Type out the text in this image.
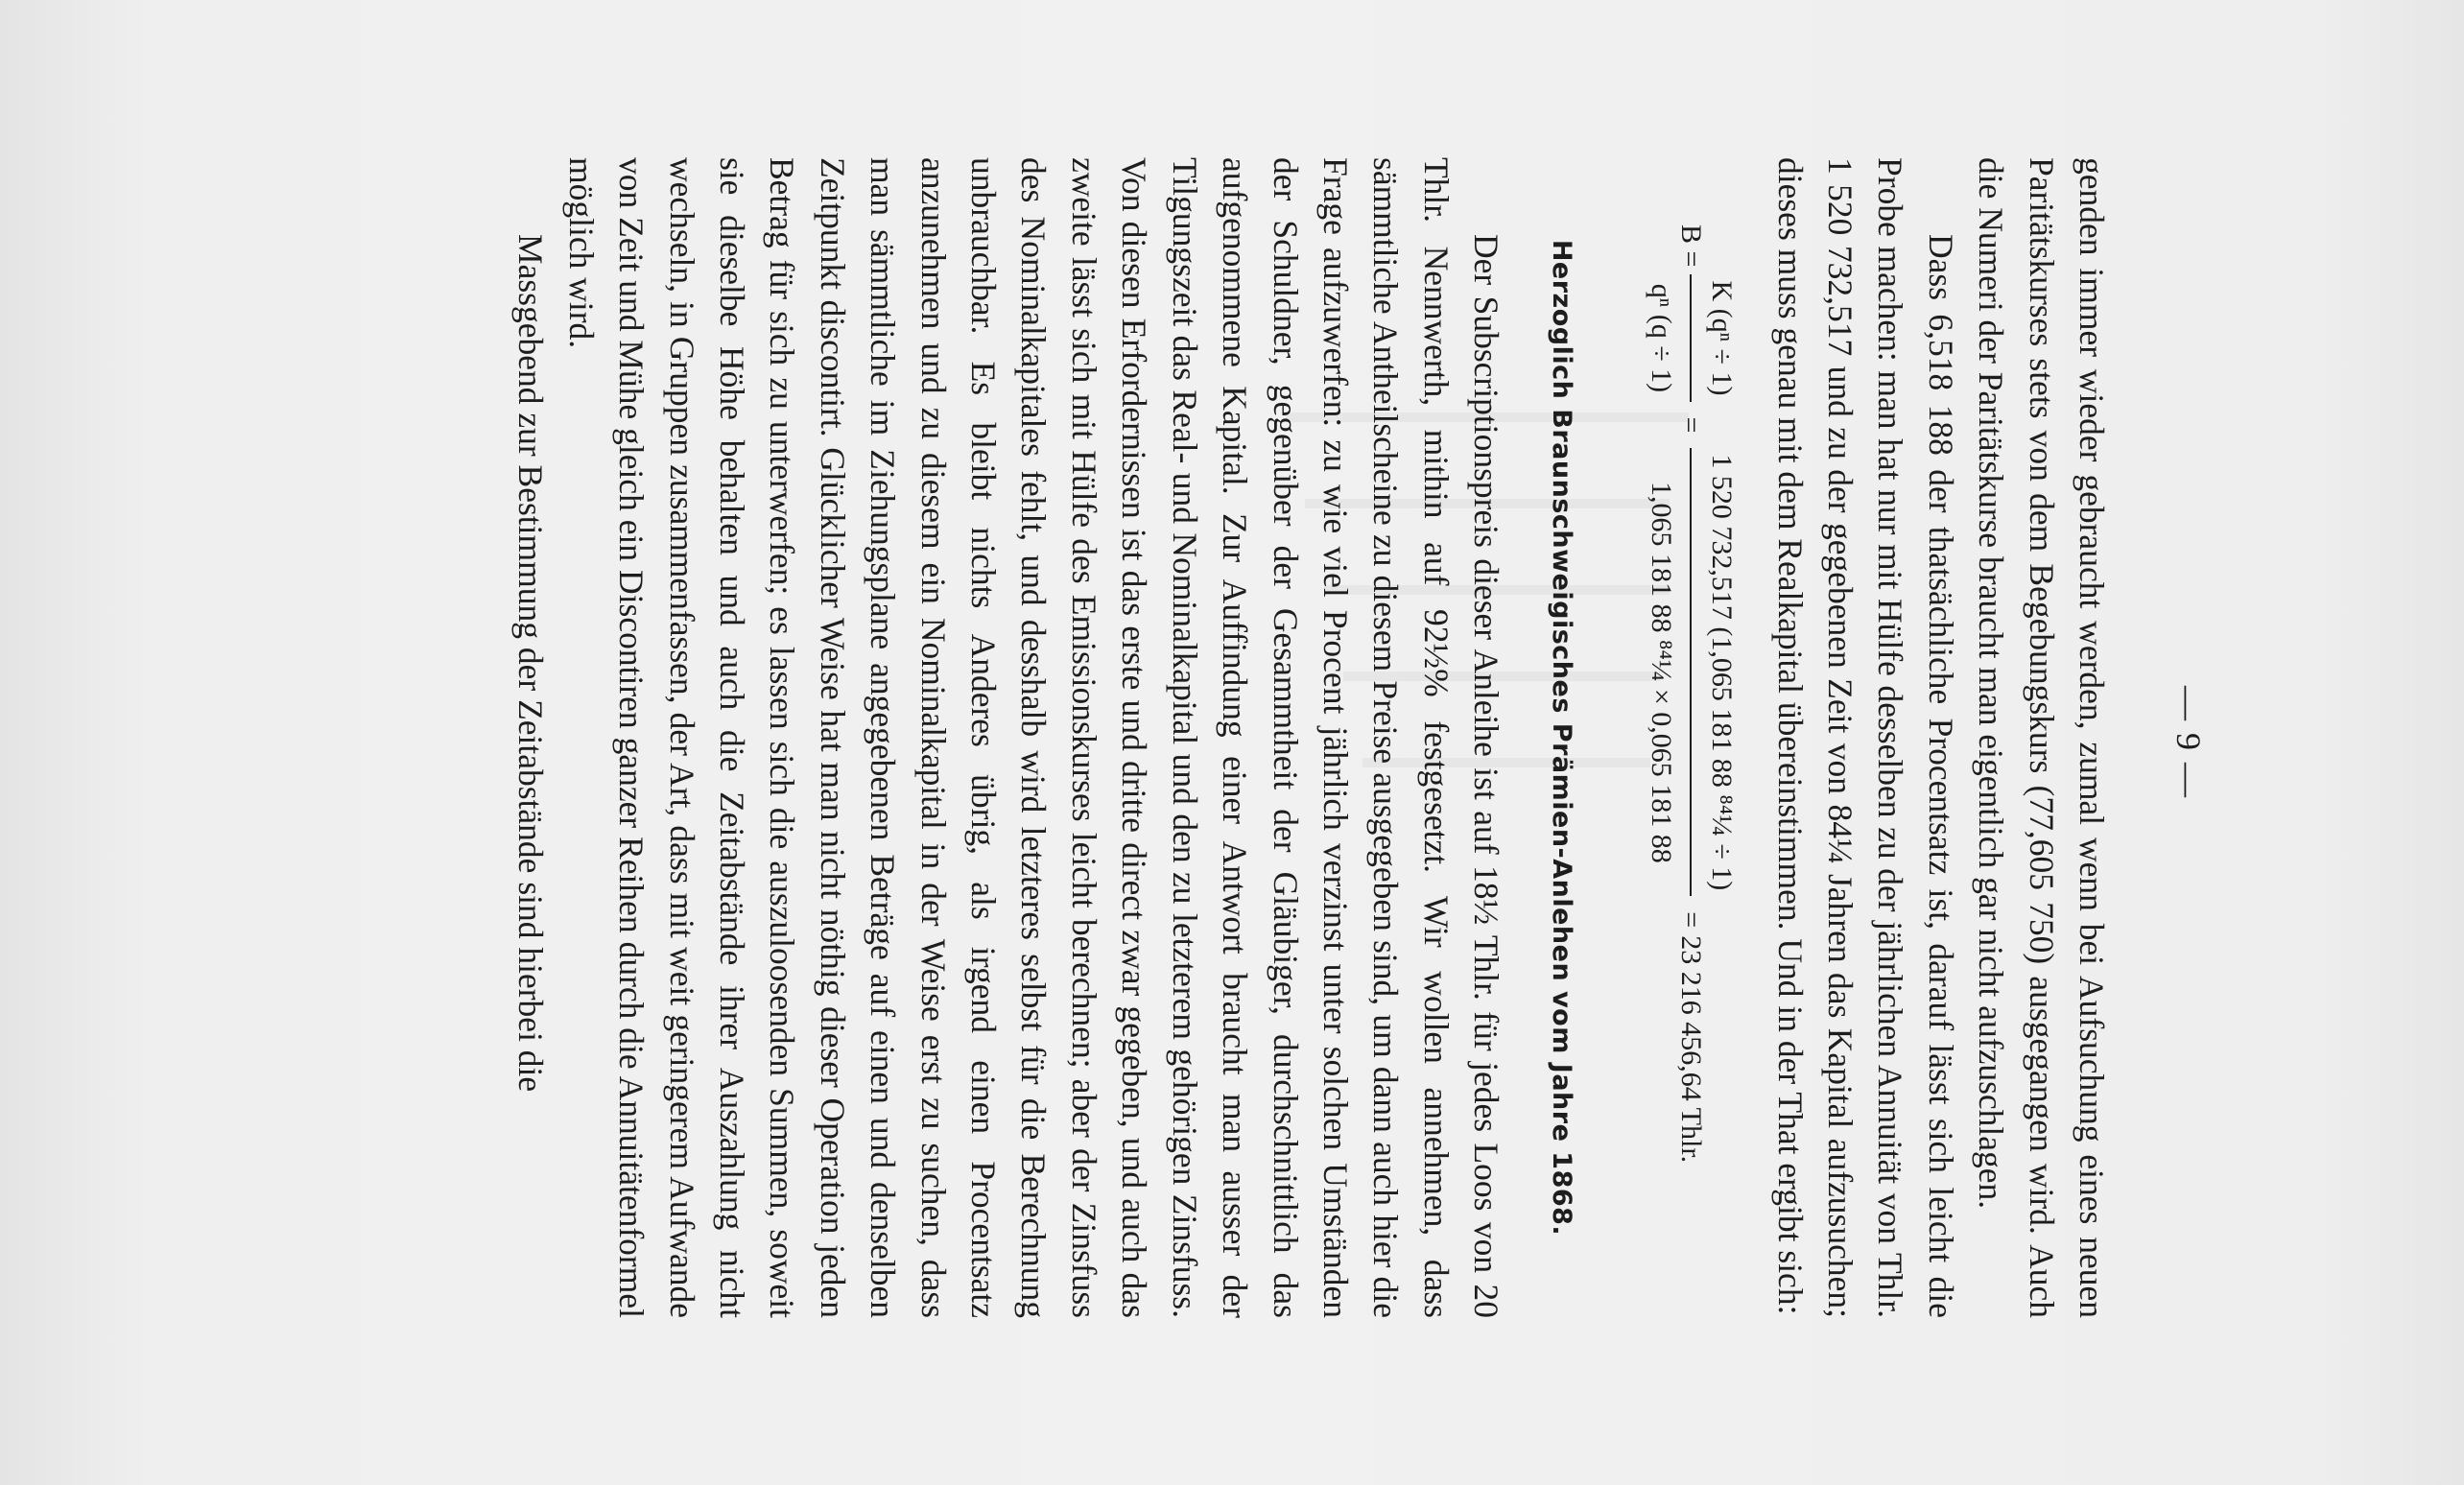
— 9 —

genden immer wieder gebraucht werden, zumal wenn bei Aufsuchung eines neuen Paritätskurses stets von dem Begebungskurs (77,605 750) ausgegangen wird. Auch die Numeri der Paritätskurse braucht man eigentlich gar nicht aufzuschlagen.

Dass 6,518 188 der thatsächliche Procentsatz ist, darauf lässt sich leicht die Probe machen: man hat nur mit Hülfe desselben zu der jährlichen Annuität von Thlr. 1 520 732,517 und zu der gegebenen Zeit von 84¼ Jahren das Kapital aufzusuchen; dieses muss genau mit dem Realkapital übereinstimmen. Und in der That ergibt sich:

B =
K (qⁿ ÷ 1)
qⁿ (q ÷ 1)
=
1 520 732,517 (1,065 181 88 ⁸⁴¼ ÷ 1)
1,065 181 88 ⁸⁴¼ × 0,065 181 88
=
23 216 456,64 Thlr.
Herzoglich Braunschweigisches Prämien-Anlehen vom Jahre 1868.

Der Subscriptionspreis dieser Anleihe ist auf 18½ Thlr. für jedes Loos von 20 Thlr. Nennwerth, mithin auf 92½% festgesetzt. Wir wollen annehmen, dass sämmtliche Antheilscheine zu diesem Preise ausgegeben sind, um dann auch hier die Frage aufzuwerfen: zu wie viel Procent jährlich verzinst unter solchen Umständen der Schuldner, gegenüber der Gesammtheit der Gläubiger, durchschnittlich das aufgenommene Kapital. Zur Auffindung einer Antwort braucht man ausser der Tilgungszeit das Real- und Nominalkapital und den zu letzterem gehörigen Zinsfuss. Von diesen Erfordernissen ist das erste und dritte direct zwar gegeben, und auch das zweite lässt sich mit Hülfe des Emissionskurses leicht berechnen; aber der Zinsfuss des Nominalkapitales fehlt, und desshalb wird letzteres selbst für die Berechnung unbrauchbar. Es bleibt nichts Anderes übrig, als irgend einen Procentsatz anzunehmen und zu diesem ein Nominalkapital in der Weise erst zu suchen, dass man sämmtliche im Ziehungsplane angegebenen Beträge auf einen und denselben Zeitpunkt discontirt. Glücklicher Weise hat man nicht nöthig dieser Operation jeden Betrag für sich zu unterwerfen; es lassen sich die auszuloosenden Summen, soweit sie dieselbe Höhe behalten und auch die Zeitabstände ihrer Auszahlung nicht wechseln, in Gruppen zusammenfassen, der Art, dass mit weit geringerem Aufwande von Zeit und Mühe gleich ein Discontiren ganzer Reihen durch die Annuitätenformel möglich wird.

Massgebend zur Bestimmung der Zeitabstände sind hierbei die
